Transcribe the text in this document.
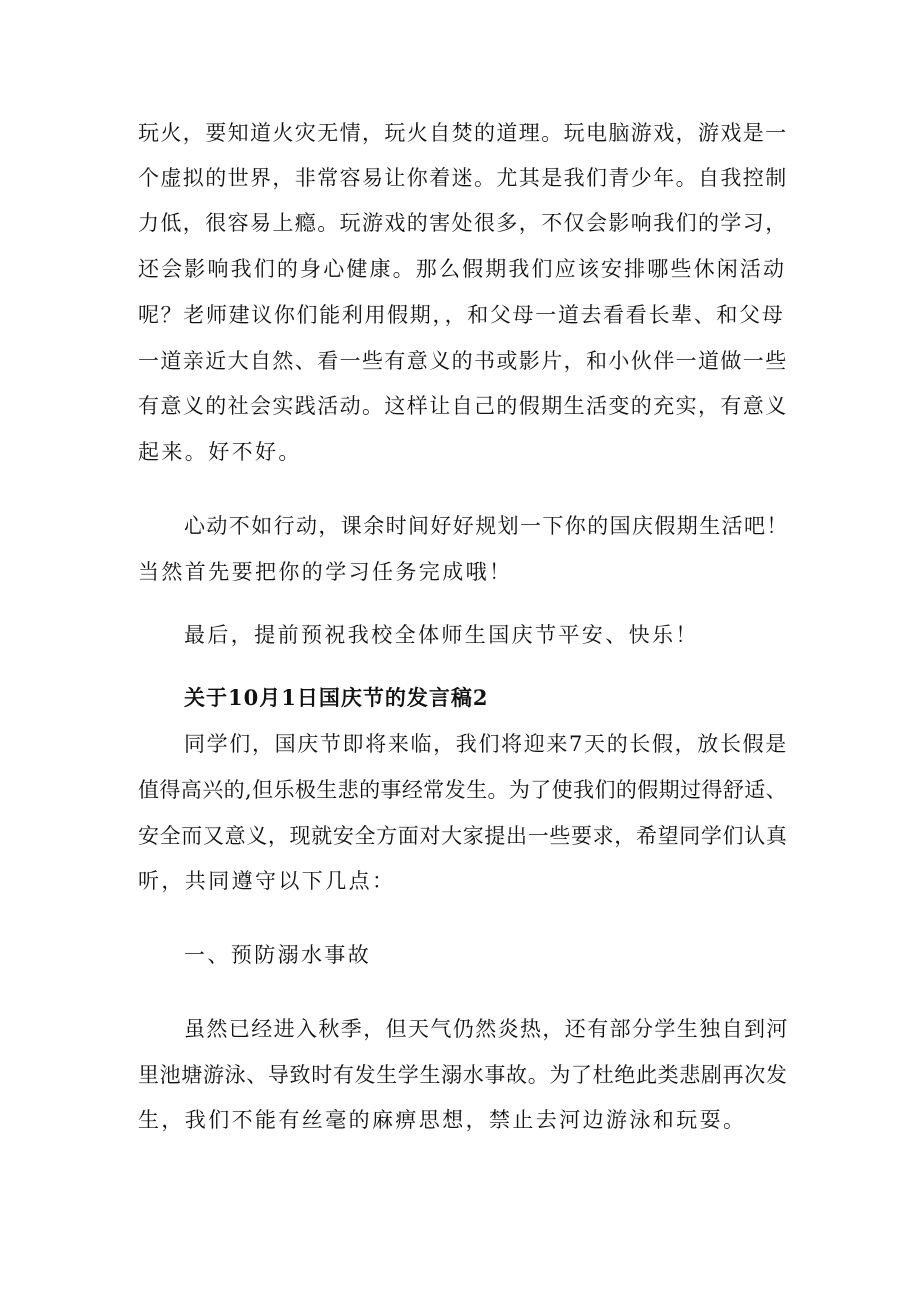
玩火，要知道火灾无情，玩火自焚的道理。玩电脑游戏，游戏是一
个虚拟的世界，非常容易让你着迷。尤其是我们青少年。自我控制
力低，很容易上瘾。玩游戏的害处很多，不仅会影响我们的学习，
还会影响我们的身心健康。那么假期我们应该安排哪些休闲活动
呢？老师建议你们能利用假期，，和父母一道去看看长辈、和父母
一道亲近大自然、看一些有意义的书或影片，和小伙伴一道做一些
有意义的社会实践活动。这样让自己的假期生活变的充实，有意义
起来。好不好。
心动不如行动，课余时间好好规划一下你的国庆假期生活吧！
当然首先要把你的学习任务完成哦！
最后，提前预祝我校全体师生国庆节平安、快乐！
关于10月1日国庆节的发言稿2
同学们，国庆节即将来临，我们将迎来7天的长假，放长假是
值得高兴的,但乐极生悲的事经常发生。为了使我们的假期过得舒适、
安全而又意义，现就安全方面对大家提出一些要求，希望同学们认真
听，共同遵守以下几点：
一、预防溺水事故
虽然已经进入秋季，但天气仍然炎热，还有部分学生独自到河
里池塘游泳、导致时有发生学生溺水事故。为了杜绝此类悲剧再次发
生，我们不能有丝毫的麻痹思想，禁止去河边游泳和玩耍。
